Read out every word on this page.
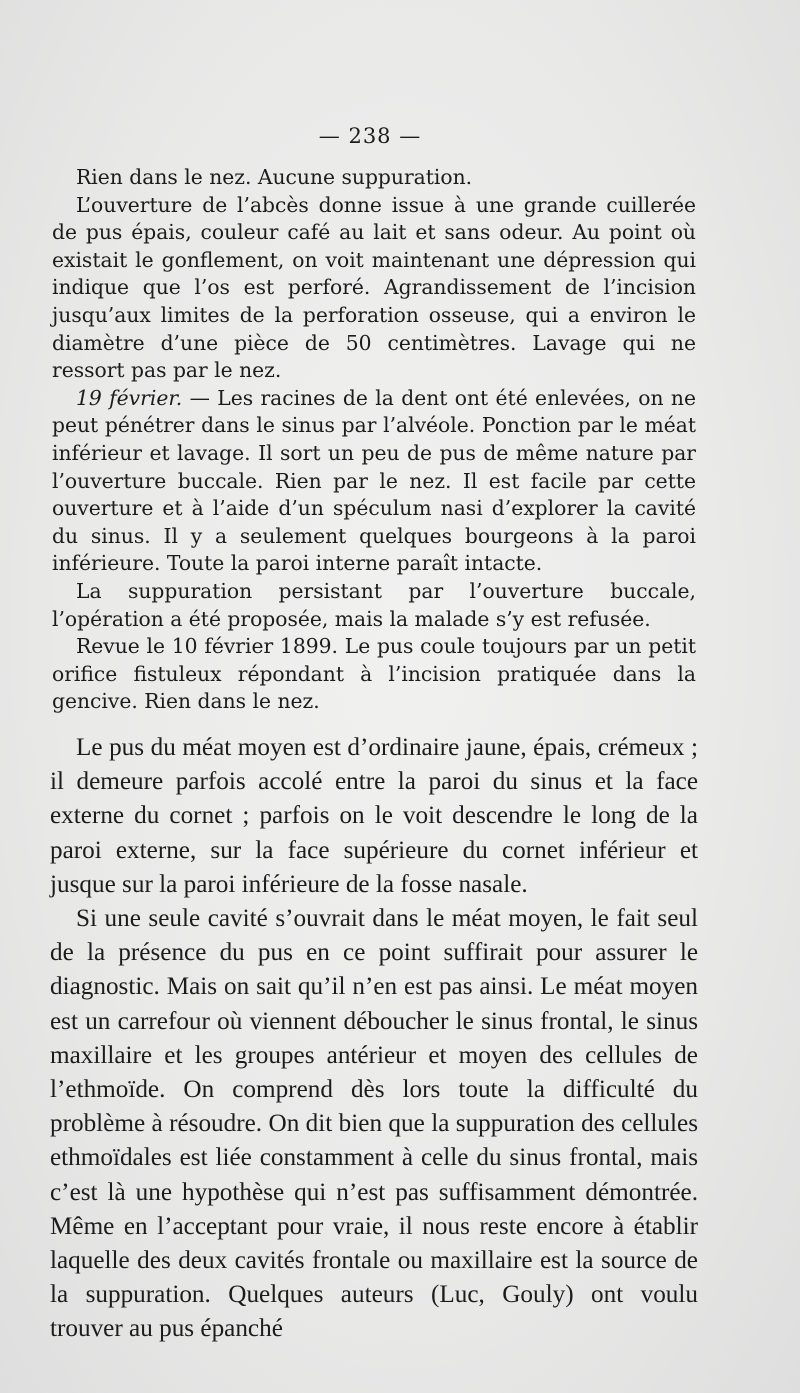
— 238 —

Rien dans le nez. Aucune suppuration.

L’ouverture de l’abcès donne issue à une grande cuillerée de pus épais, couleur café au lait et sans odeur. Au point où existait le gonflement, on voit maintenant une dépression qui indique que l’os est perforé. Agrandissement de l’incision jusqu’aux limites de la perforation osseuse, qui a environ le diamètre d’une pièce de 50 centimètres. Lavage qui ne ressort pas par le nez.

19 février. — Les racines de la dent ont été enlevées, on ne peut pénétrer dans le sinus par l’alvéole. Ponction par le méat inférieur et lavage. Il sort un peu de pus de même nature par l’ouverture buccale. Rien par le nez. Il est facile par cette ouverture et à l’aide d’un spéculum nasi d’explorer la cavité du sinus. Il y a seulement quelques bourgeons à la paroi inférieure. Toute la paroi interne paraît intacte.

La suppuration persistant par l’ouverture buccale, l’opération a été proposée, mais la malade s’y est refusée.

Revue le 10 février 1899. Le pus coule toujours par un petit orifice fistuleux répondant à l’incision pratiquée dans la gencive. Rien dans le nez.

Le pus du méat moyen est d’ordinaire jaune, épais, crémeux ; il demeure parfois accolé entre la paroi du sinus et la face externe du cornet ; parfois on le voit descendre le long de la paroi externe, sur la face supérieure du cornet inférieur et jusque sur la paroi inférieure de la fosse nasale.

Si une seule cavité s’ouvrait dans le méat moyen, le fait seul de la présence du pus en ce point suffirait pour assurer le diagnostic. Mais on sait qu’il n’en est pas ainsi. Le méat moyen est un carrefour où viennent déboucher le sinus frontal, le sinus maxillaire et les groupes antérieur et moyen des cellules de l’ethmoïde. On comprend dès lors toute la difficulté du problème à résoudre. On dit bien que la suppuration des cellules ethmoïdales est liée constamment à celle du sinus frontal, mais c’est là une hypothèse qui n’est pas suffisamment démontrée. Même en l’acceptant pour vraie, il nous reste encore à établir laquelle des deux cavités frontale ou maxillaire est la source de la suppuration. Quelques auteurs (Luc, Gouly) ont voulu trouver au pus épanché
